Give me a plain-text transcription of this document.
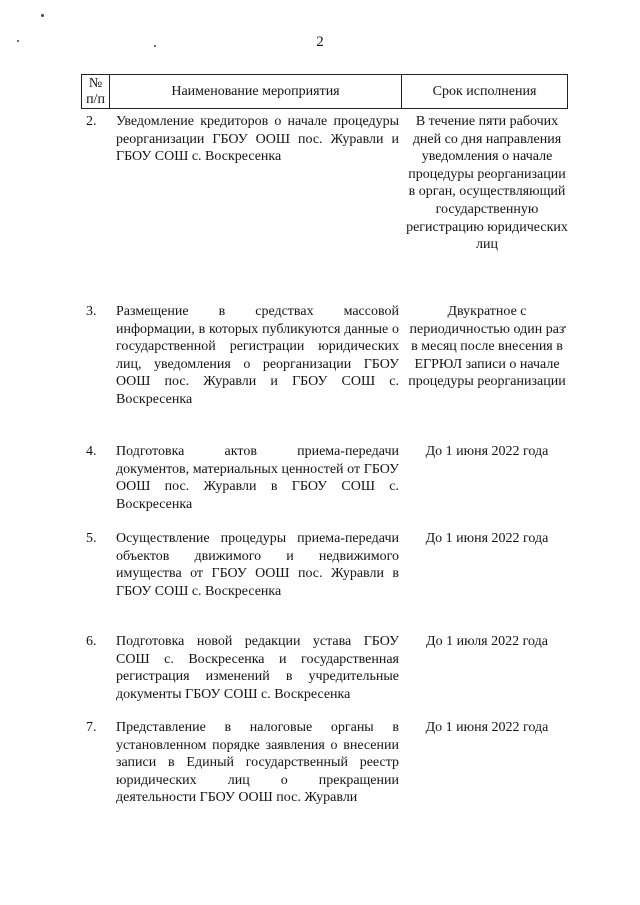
2
№
п/п
Наименование мероприятия	Срок исполнения
2. Уведомление кредиторов о начале процедуры реорганизации ГБОУ ООШ пос. Журавли и ГБОУ СОШ с. Воскресенка
В течение пяти рабочих дней со дня направления уведомления о начале процедуры реорганизации в орган, осуществляющий государственную регистрацию юридических лиц
3. Размещение в средствах массовой информации, в которых публикуются данные о государственной регистрации юридических лиц, уведомления о реорганизации ГБОУ ООШ пос. Журавли и ГБОУ СОШ с. Воскресенка
Двукратное с периодичностью один раз в месяц после внесения в ЕГРЮЛ записи о начале процедуры реорганизации
4. Подготовка актов приема-передачи документов, материальных ценностей от ГБОУ ООШ пос. Журавли в ГБОУ СОШ с. Воскресенка
До 1 июня 2022 года
5. Осуществление процедуры приема-передачи объектов движимого и недвижимого имущества от ГБОУ ООШ пос. Журавли в ГБОУ СОШ с. Воскресенка
До 1 июня 2022 года
6. Подготовка новой редакции устава ГБОУ СОШ с. Воскресенка и государственная регистрация изменений в учредительные документы ГБОУ СОШ с. Воскресенка
До 1 июля 2022 года
7. Представление в налоговые органы в установленном порядке заявления о внесении записи в Единый государственный реестр юридических лиц о прекращении деятельности ГБОУ ООШ пос. Журавли
До 1 июня 2022 года
